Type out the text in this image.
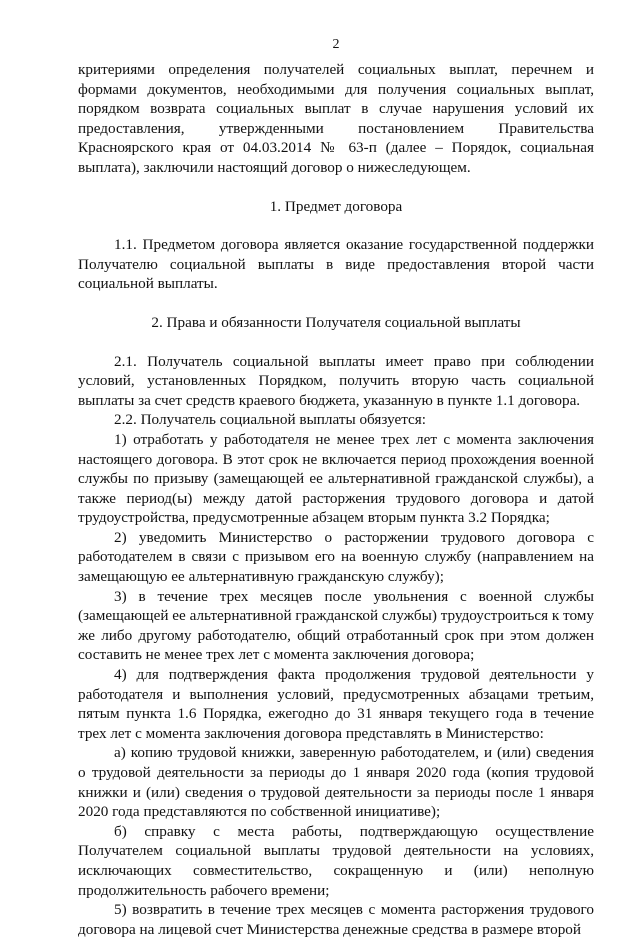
2

критериями определения получателей социальных выплат, перечнем и формами документов, необходимыми для получения социальных выплат, порядком возврата социальных выплат в случае нарушения условий их предоставления, утвержденными постановлением Правительства Красноярского края от 04.03.2014 № 63-п (далее – Порядок, социальная выплата), заключили настоящий договор о нижеследующем.

1. Предмет договора

1.1. Предметом договора является оказание государственной поддержки Получателю социальной выплаты в виде предоставления второй части социальной выплаты.

2. Права и обязанности Получателя социальной выплаты

2.1. Получатель социальной выплаты имеет право при соблюдении условий, установленных Порядком, получить вторую часть социальной выплаты за счет средств краевого бюджета, указанную в пункте 1.1 договора.

2.2. Получатель социальной выплаты обязуется:

1) отработать у работодателя не менее трех лет с момента заключения настоящего договора. В этот срок не включается период прохождения военной службы по призыву (замещающей ее альтернативной гражданской службы), а также период(ы) между датой расторжения трудового договора и датой трудоустройства, предусмотренные абзацем вторым пункта 3.2 Порядка;

2) уведомить Министерство о расторжении трудового договора с работодателем в связи с призывом его на военную службу (направлением на замещающую ее альтернативную гражданскую службу);

3) в течение трех месяцев после увольнения с военной службы (замещающей ее альтернативной гражданской службы) трудоустроиться к тому же либо другому работодателю, общий отработанный срок при этом должен составить не менее трех лет с момента заключения договора;

4) для подтверждения факта продолжения трудовой деятельности у работодателя и выполнения условий, предусмотренных абзацами третьим, пятым пункта 1.6 Порядка, ежегодно до 31 января текущего года в течение трех лет с момента заключения договора представлять в Министерство:

а) копию трудовой книжки, заверенную работодателем, и (или) сведения о трудовой деятельности за периоды до 1 января 2020 года (копия трудовой книжки и (или) сведения о трудовой деятельности за периоды после 1 января 2020 года представляются по собственной инициативе);

б) справку с места работы, подтверждающую осуществление Получателем социальной выплаты трудовой деятельности на условиях, исключающих совместительство, сокращенную и (или) неполную продолжительность рабочего времени;

5) возвратить в течение трех месяцев с момента расторжения трудового договора на лицевой счет Министерства денежные средства в размере второй
